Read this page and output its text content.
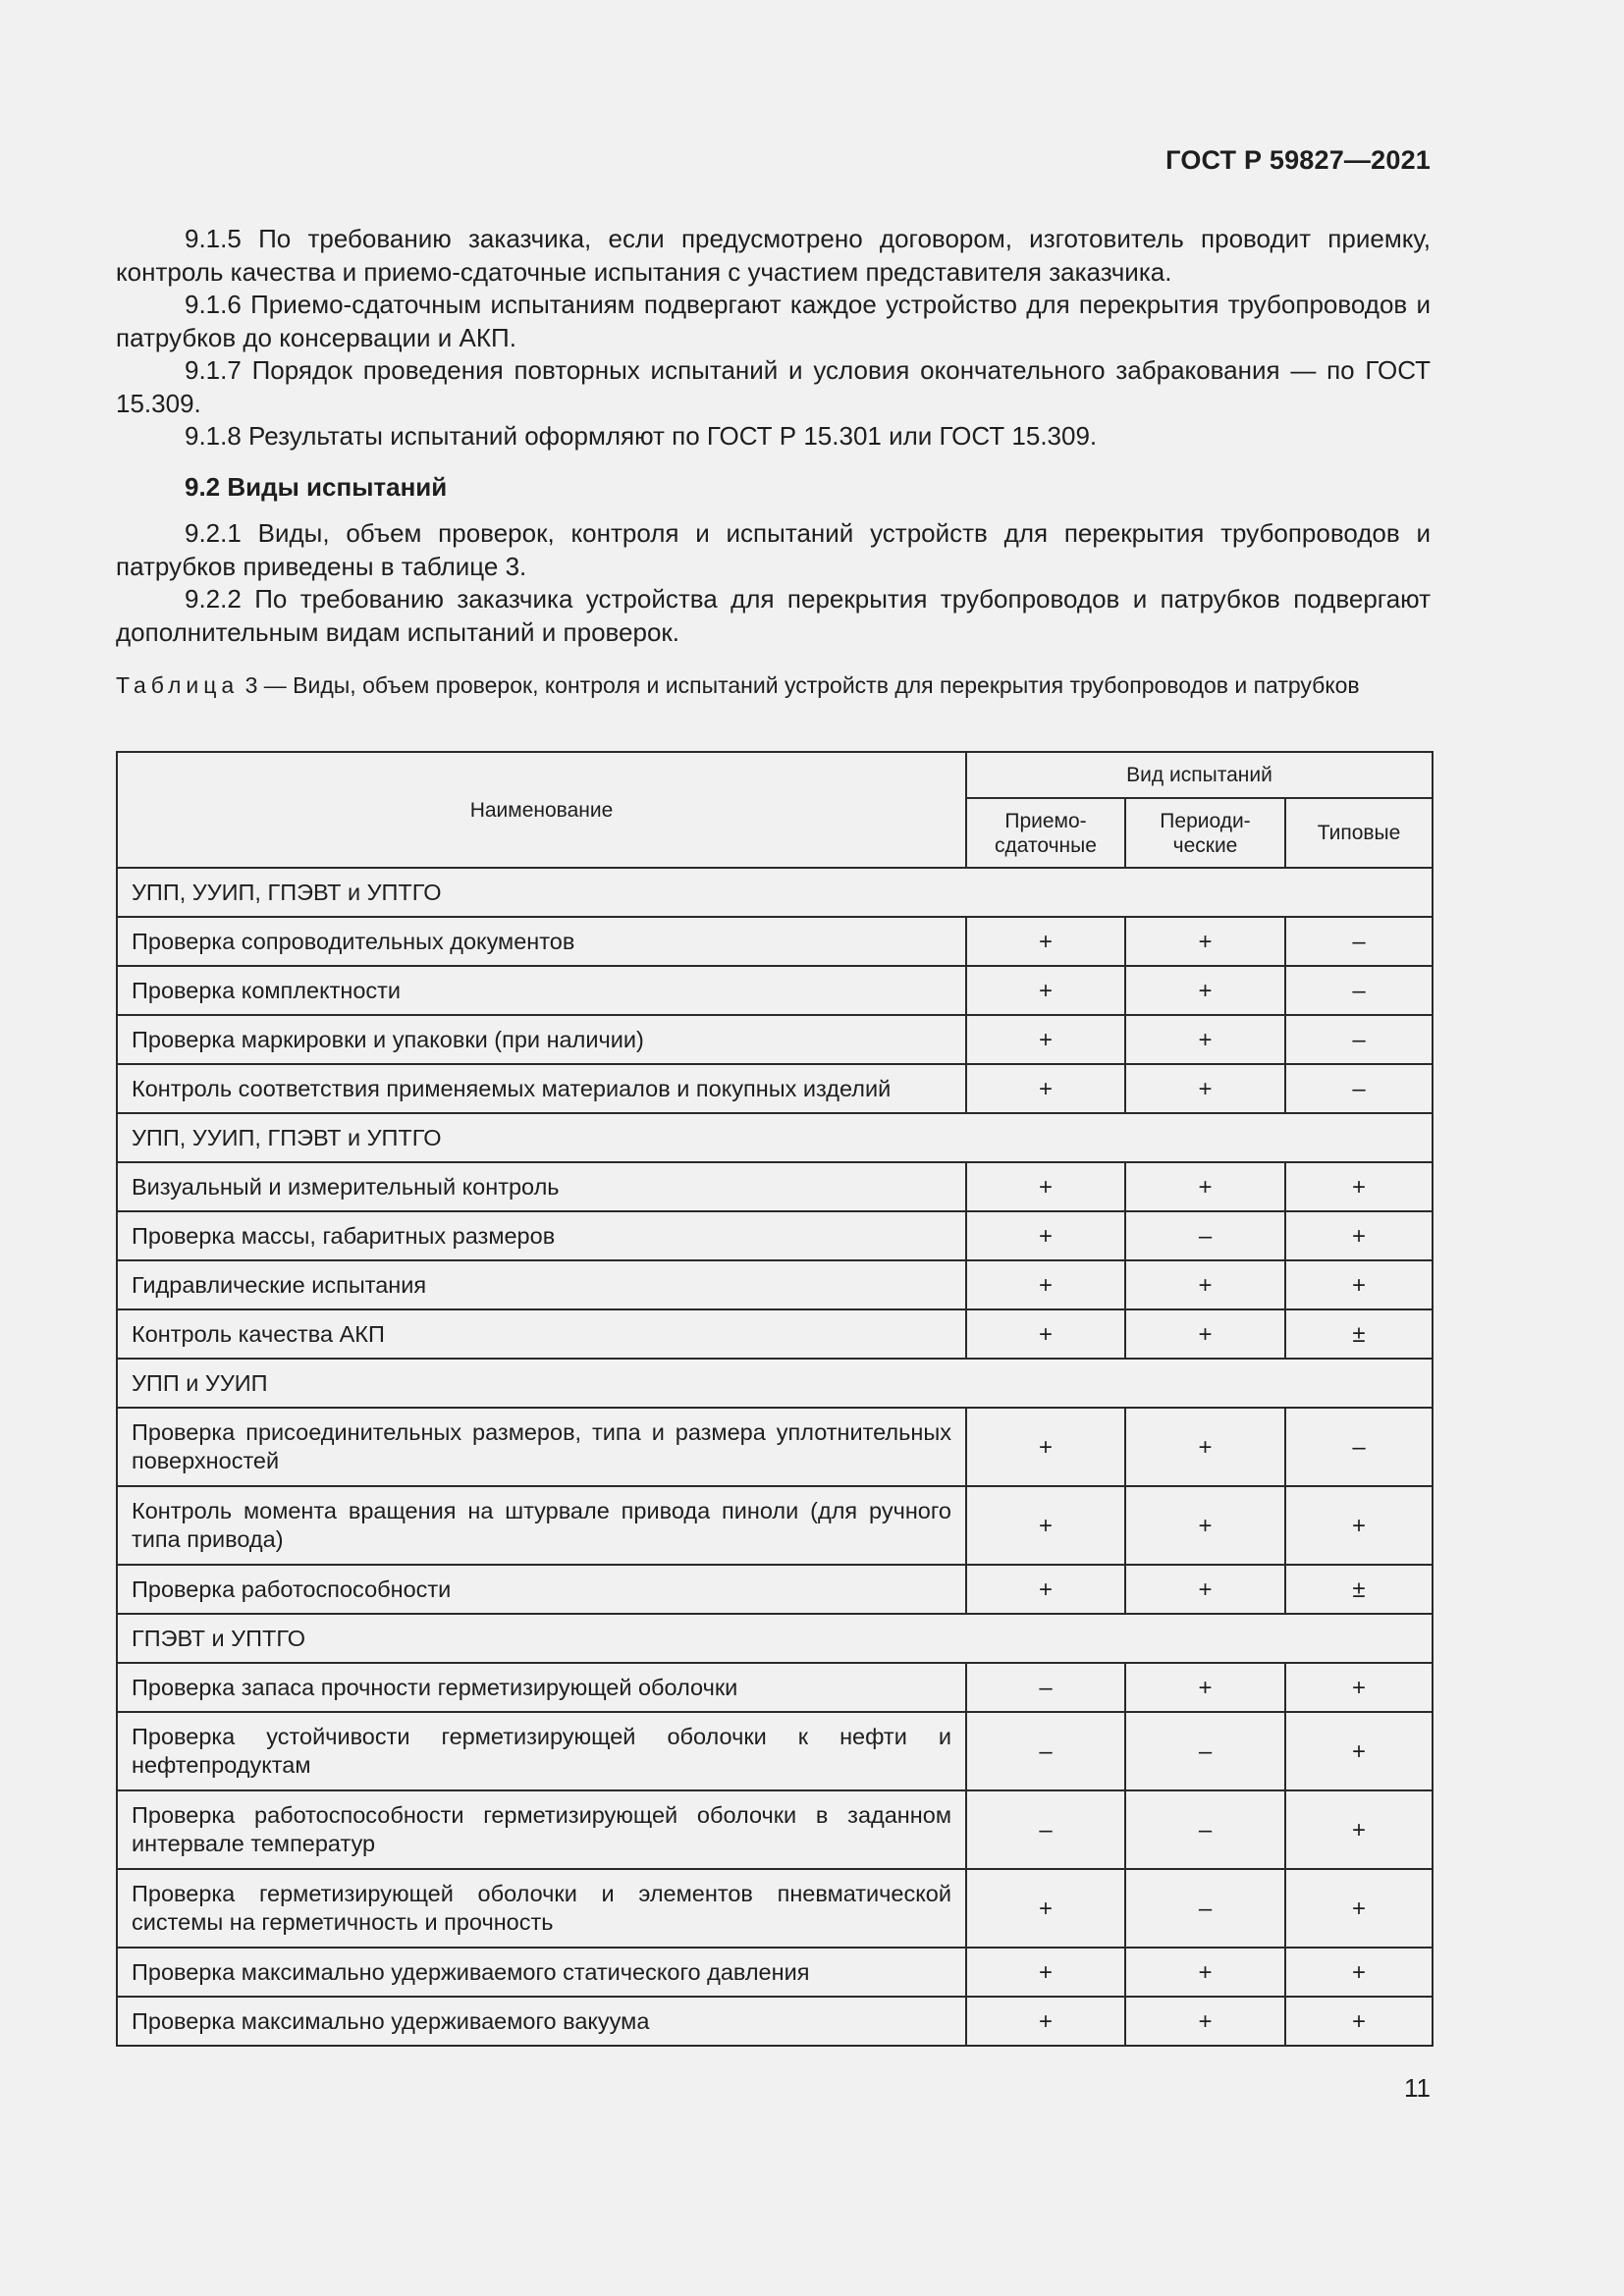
ГОСТ Р 59827—2021

9.1.5 По требованию заказчика, если предусмотрено договором, изготовитель проводит приемку, контроль качества и приемо-сдаточные испытания с участием представителя заказчика.

9.1.6 Приемо-сдаточным испытаниям подвергают каждое устройство для перекрытия трубопроводов и патрубков до консервации и АКП.

9.1.7 Порядок проведения повторных испытаний и условия окончательного забракования — по ГОСТ 15.309.

9.1.8 Результаты испытаний оформляют по ГОСТ Р 15.301 или ГОСТ 15.309.

9.2 Виды испытаний

9.2.1 Виды, объем проверок, контроля и испытаний устройств для перекрытия трубопроводов и патрубков приведены в таблице 3.

9.2.2 По требованию заказчика устройства для перекрытия трубопроводов и патрубков подвергают дополнительным видам испытаний и проверок.

Таблица 3 — Виды, объем проверок, контроля и испытаний устройств для перекрытия трубопроводов и патрубков
Наименование	Вид испытаний		
	Приемо-сдаточные	Периоди-ческие	Типовые
УПП, УУИП, ГПЭВТ и УПТГО			
Проверка сопроводительных документов	+	+	–
Проверка комплектности	+	+	–
Проверка маркировки и упаковки (при наличии)	+	+	–
Контроль соответствия применяемых материалов и покупных изделий	+	+	–
УПП, УУИП, ГПЭВТ и УПТГО			
Визуальный и измерительный контроль	+	+	+
Проверка массы, габаритных размеров	+	–	+
Гидравлические испытания	+	+	+
Контроль качества АКП	+	+	±
УПП и УУИП			
Проверка присоединительных размеров, типа и размера уплотнительных поверхностей	+	+	–
Контроль момента вращения на штурвале привода пиноли (для ручного типа привода)	+	+	+
Проверка работоспособности	+	+	±
ГПЭВТ и УПТГО			
Проверка запаса прочности герметизирующей оболочки	–	+	+
Проверка устойчивости герметизирующей оболочки к нефти и нефтепродуктам	–	–	+
Проверка работоспособности герметизирующей оболочки в заданном интервале температур	–	–	+
Проверка герметизирующей оболочки и элементов пневматической системы на герметичность и прочность	+	–	+
Проверка максимально удерживаемого статического давления	+	+	+
Проверка максимально удерживаемого вакуума	+	+	+
11
